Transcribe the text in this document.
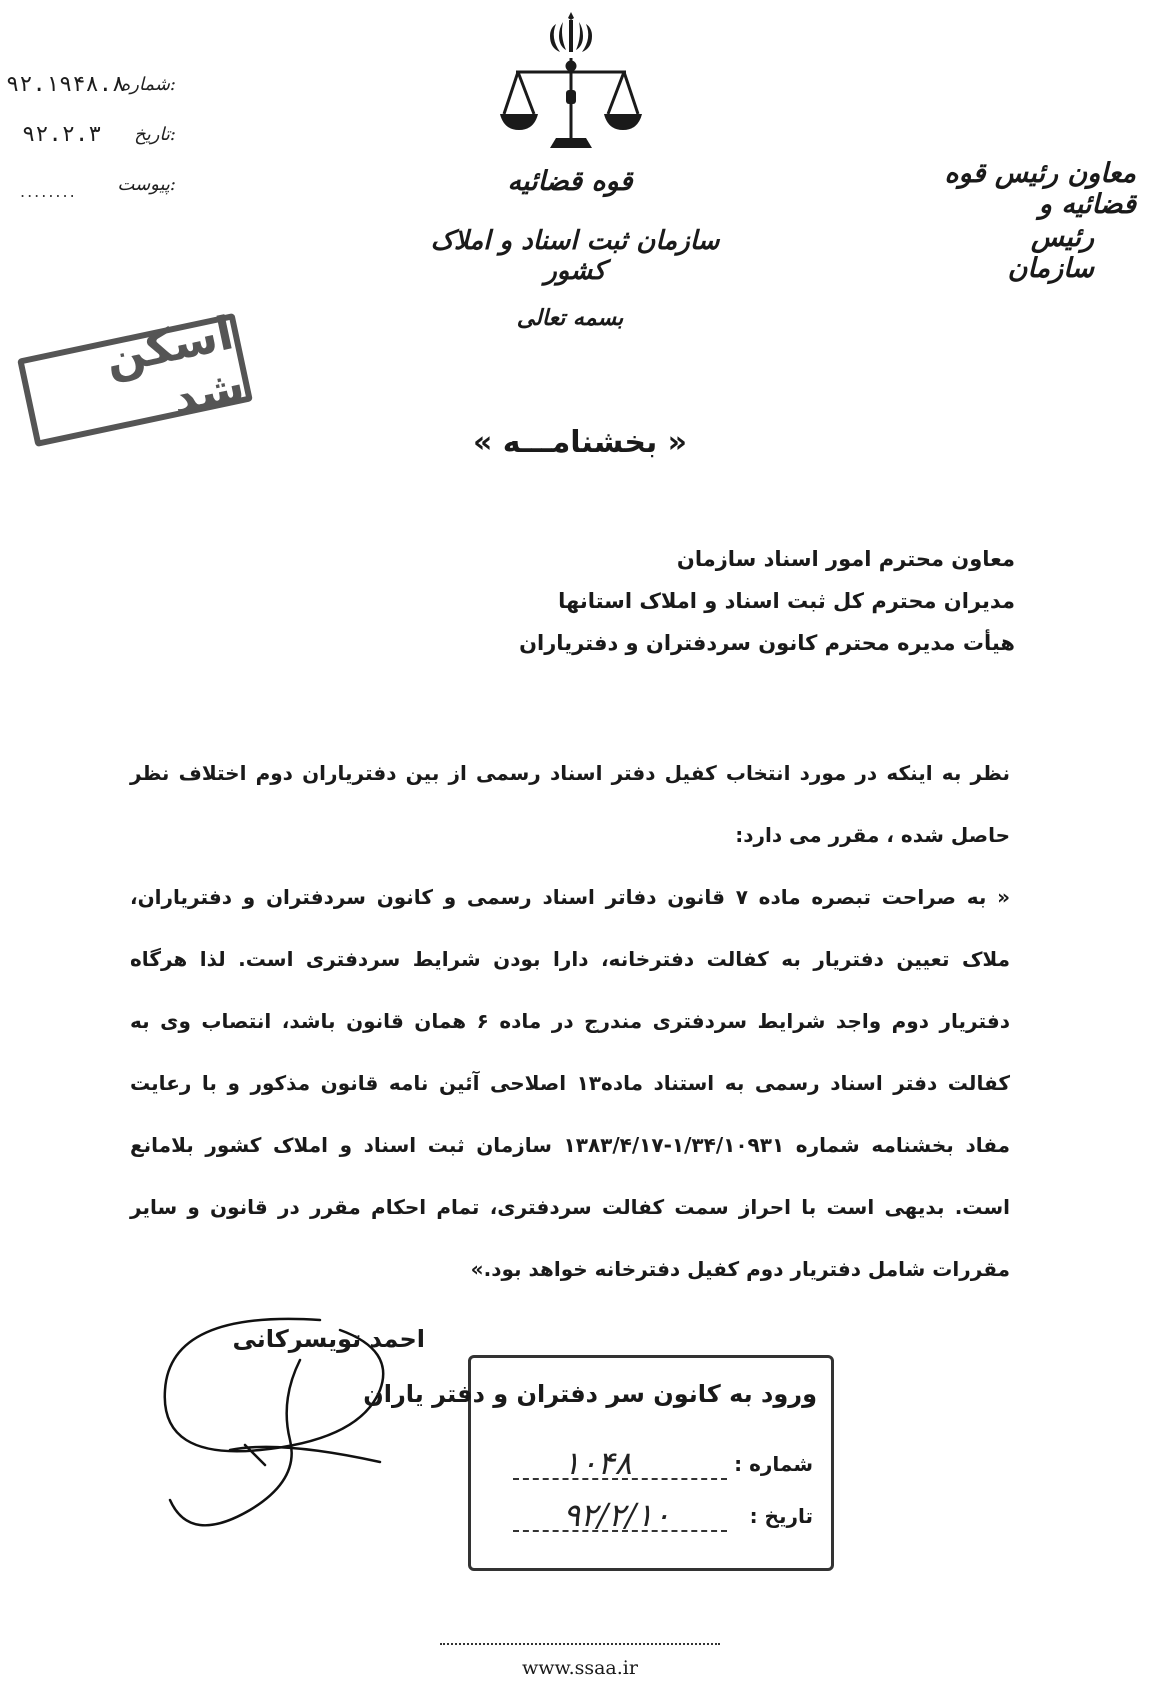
شماره:
۹۲.۱۹۴۸.۸
تاریخ:
۹۲.۲.۳
پیوست:
........	قوه قضائیه
سازمان ثبت اسناد و املاک کشور
بسمه تعالی
معاون رئیس قوه قضائیه و
رئیس سازمان
اسکن شد
« بخشنامـــه »
معاون محترم امور اسناد سازمان
مدیران محترم کل ثبت اسناد و املاک استانها
هیأت مدیره محترم کانون سردفتران و دفتریاران
نظر به اینکه در مورد انتخاب کفیل دفتر اسناد رسمی از بین دفتریاران دوم اختلاف نظر حاصل شده ، مقرر می دارد:
« به صراحت تبصره ماده ۷ قانون دفاتر اسناد رسمی و کانون سردفتران و دفتریاران، ملاک تعیین دفتریار به کفالت دفترخانه، دارا بودن شرایط سردفتری است. لذا هرگاه دفتریار دوم واجد شرایط سردفتری مندرج در ماده ۶ همان قانون باشد، انتصاب وی به کفالت دفتر اسناد رسمی به استناد ماده۱۳ اصلاحی آئین نامه قانون مذکور و با رعایت مفاد بخشنامه شماره ۱/۳۴/۱۰۹۳۱-۱۳۸۳/۴/۱۷ سازمان ثبت اسناد و املاک کشور بلامانع است. بدیهی است با احراز سمت کفالت سردفتری، تمام احکام مقرر در قانون و سایر مقررات شامل دفتریار دوم کفیل دفترخانه خواهد بود.»
احمد تویسرکانی
ورود به کانون سر دفتران و دفتر یاران
شماره :
۱۰۴۸
تاریخ :
۹۲/۲/۱۰
www.ssaa.ir
